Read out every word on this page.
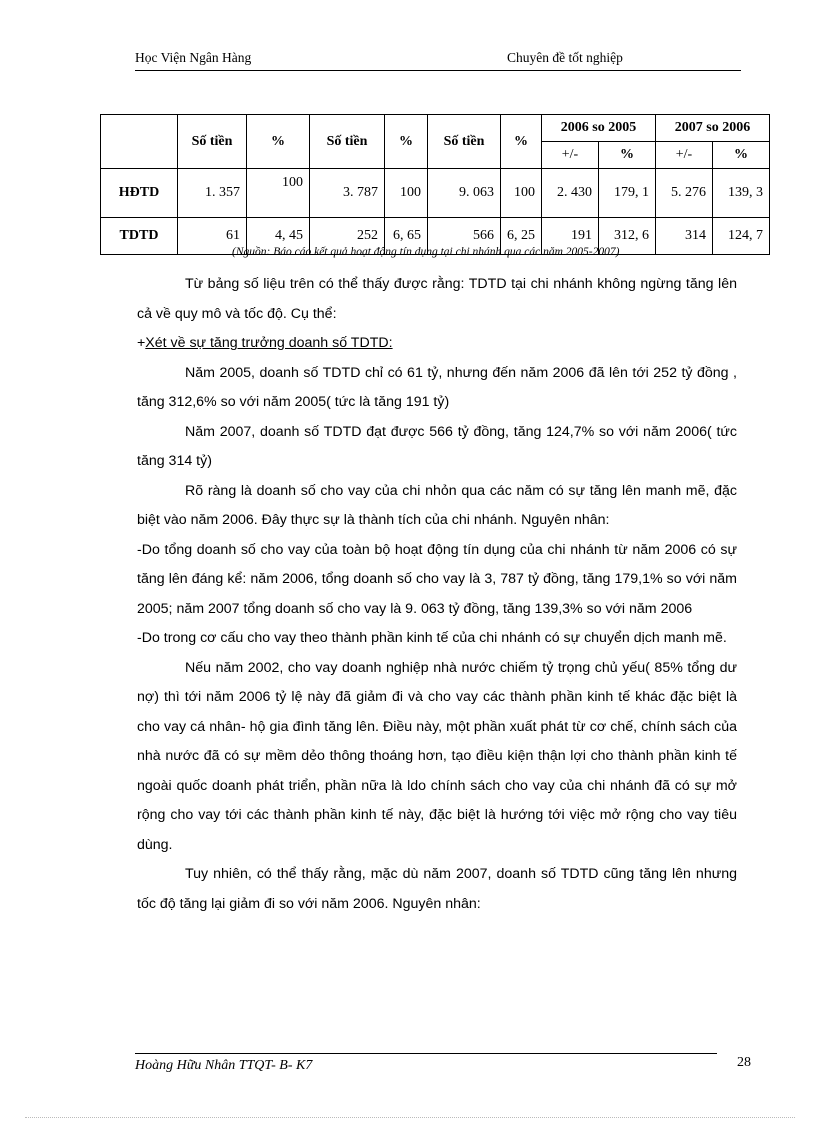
Học Viện Ngân Hàng	Chuyên đề tốt nghiệp
	Số tiền	%	Số tiền	%	Số tiền	%	2006 so 2005		2007 so 2006	
							+/-	%	+/-	%
HĐTD	1. 357	100	3. 787	100	9. 063	100	2. 430	179, 1	5. 276	139, 3
TDTD	61	4, 45	252	6, 65	566	6, 25	191	312, 6	314	124, 7
(Nguồn: Báo cáo kết quả hoạt động tín dụng tại chi nhánh qua các năm 2005-2007)

Từ bảng số liệu trên có thể thấy được rằng: TDTD tại chi nhánh không ngừng tăng lên cả về quy mô và tốc độ. Cụ thể:

+Xét về sự tăng trưởng doanh số TDTD:

Năm 2005, doanh số TDTD chỉ có 61 tỷ, nhưng đến năm 2006 đã lên tới 252 tỷ đồng , tăng 312,6% so với năm 2005( tức là tăng 191 tỷ)

Năm 2007, doanh số TDTD đạt được 566 tỷ đồng, tăng 124,7% so với năm 2006( tức tăng 314 tỷ)

Rõ ràng là doanh số cho vay của chi nhỏn qua các năm có sự tăng lên manh mẽ, đặc biệt vào năm 2006. Đây thực sự là thành tích của chi nhánh. Nguyên nhân:

-Do tổng doanh số cho vay của toàn bộ hoạt động tín dụng của chi nhánh từ năm 2006 có sự tăng lên đáng kể: năm 2006, tổng doanh số cho vay là 3, 787 tỷ đồng, tăng 179,1% so với năm 2005; năm 2007 tổng doanh số cho vay là 9. 063 tỷ đồng, tăng 139,3% so với năm 2006

-Do trong cơ cấu cho vay theo thành phần kinh tế của chi nhánh có sự chuyển dịch manh mẽ.

Nếu năm 2002, cho vay doanh nghiệp nhà nước chiếm tỷ trọng chủ yếu( 85% tổng dư nợ) thì tới năm 2006 tỷ lệ này đã giảm đi và cho vay các thành phần kinh tế khác đặc biệt là cho vay cá nhân- hộ gia đình tăng lên. Điều này, một phần xuất phát từ cơ chế, chính sách của nhà nước đã có sự mềm dẻo thông thoáng hơn, tạo điều kiện thận lợi cho thành phần kinh tế ngoài quốc doanh phát triển, phần nữa là ldo chính sách cho vay của chi nhánh đã có sự mở rộng cho vay tới các thành phần kinh tế này, đặc biệt là hướng tới việc mở rộng cho vay tiêu dùng.

Tuy nhiên, có thể thấy rằng, mặc dù năm 2007, doanh số TDTD cũng tăng lên nhưng tốc độ tăng lại giảm đi so với năm 2006. Nguyên nhân:

Hoàng Hữu Nhân TTQT- B- K7	28
